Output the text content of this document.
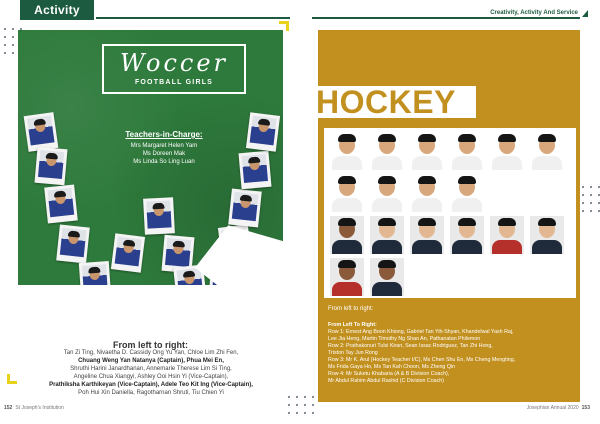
Activity
Woccer
FOOTBALL GIRLS
Teachers-in-Charge:
Mrs Margaret Helen Yam
Ms Doreen Mak
Ms Linda So Ling Luan
From left to right:
Tan Zi Ting, Nivaetha D. Cassidy Ong Yu Yan, Chloe Lim Zhi Fen,
Chuang Weng Yan Natanya (Captain), Phua Mei En,
Shruthi Harini Janardhanan, Annemarie Therese Lim Si Ting,
Angeline Chua Xiangyi, Ashley Ooi Hsin Yi (Vice-Captain),
Prathiksha Karthikeyan (Vice-Captain), Adele Teo Kit Ing (Vice-Captain),
Poh Hui Xin Daniella, Ragotharnan Shruti, Tiu Chien Yi
152 St Joseph's Institution
Creativity, Activity And Service
HOCKEY
From left to right:
From Left To Right:
Row 1: Ernest Ang Boon Khiong, Gabriel Tan Yih-Shyan, Khandelwal Yash Raj,
Lee Jia Heng, Martin Timothy Ng Shao An, Pathanatan Philemon
Row 2: Prathakonuri Tulsi Kiran, Sean Issac Rodriguez, Tan Zhi Hong,
Triston Tay Jun Rong
Row 3: Mr K. Arul (Hockey Teacher I/C), Ms Chen Shu En, Ms Cheng Mengting,
Ms Frida Gaya Ho, Ms Tan Kah Choon, Ms Zheng Qin
Row 4: Mr Suketu Khabaria (A & B Division Coach),
Mr Abdul Rahim Abdul Rashid (C Division Coach)
Josephian Annual 2020 153
